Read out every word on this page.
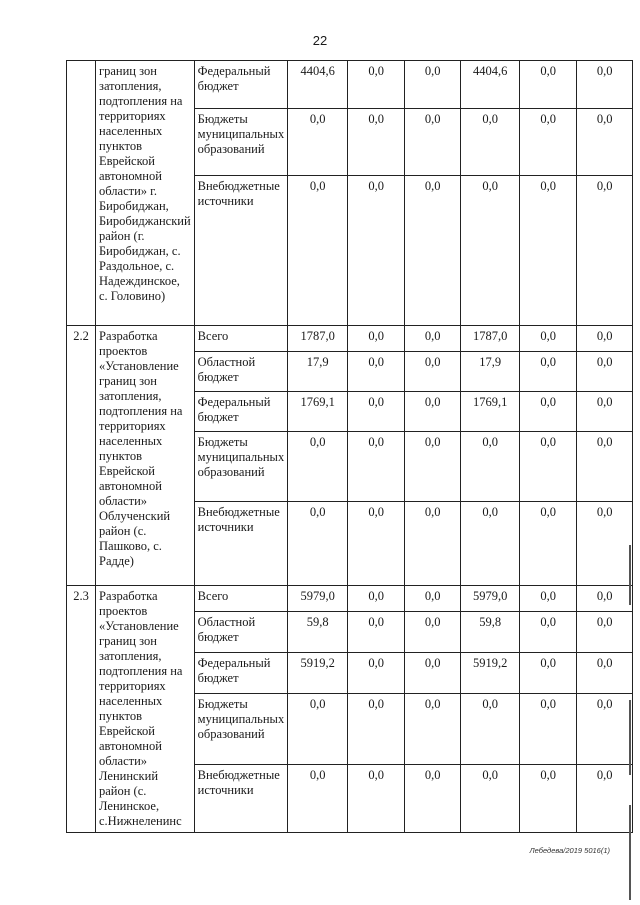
22
	границ зон затопления, подтопления на территориях населенных пунктов Еврейской автономной области» г. Биробиджан, Биробиджанский район (г. Биробиджан, с. Раздольное, с. Надеждинское, с. Головино)	Федеральный бюджет	4404,6	0,0	0,0	4404,6	0,0	0,0
		Бюджеты муниципальных образований	0,0	0,0	0,0	0,0	0,0	0,0
		Внебюджетные источники	0,0	0,0	0,0	0,0	0,0	0,0
2.2	Разработка проектов «Установление границ зон затопления, подтопления на территориях населенных пунктов Еврейской автономной области» Облученский район (с. Пашково, с. Радде)	Всего	1787,0	0,0	0,0	1787,0	0,0	0,0
		Областной бюджет	17,9	0,0	0,0	17,9	0,0	0,0
		Федеральный бюджет	1769,1	0,0	0,0	1769,1	0,0	0,0
		Бюджеты муниципальных образований	0,0	0,0	0,0	0,0	0,0	0,0
		Внебюджетные источники	0,0	0,0	0,0	0,0	0,0	0,0
2.3	Разработка проектов «Установление границ зон затопления, подтопления на территориях населенных пунктов Еврейской автономной области» Ленинский район (с. Ленинское, с.Нижнеленинс	Всего	5979,0	0,0	0,0	5979,0	0,0	0,0
		Областной бюджет	59,8	0,0	0,0	59,8	0,0	0,0
		Федеральный бюджет	5919,2	0,0	0,0	5919,2	0,0	0,0
		Бюджеты муниципальных образований	0,0	0,0	0,0	0,0	0,0	0,0
		Внебюджетные источники	0,0	0,0	0,0	0,0	0,0	0,0
Лебедева/2019 5016(1)
